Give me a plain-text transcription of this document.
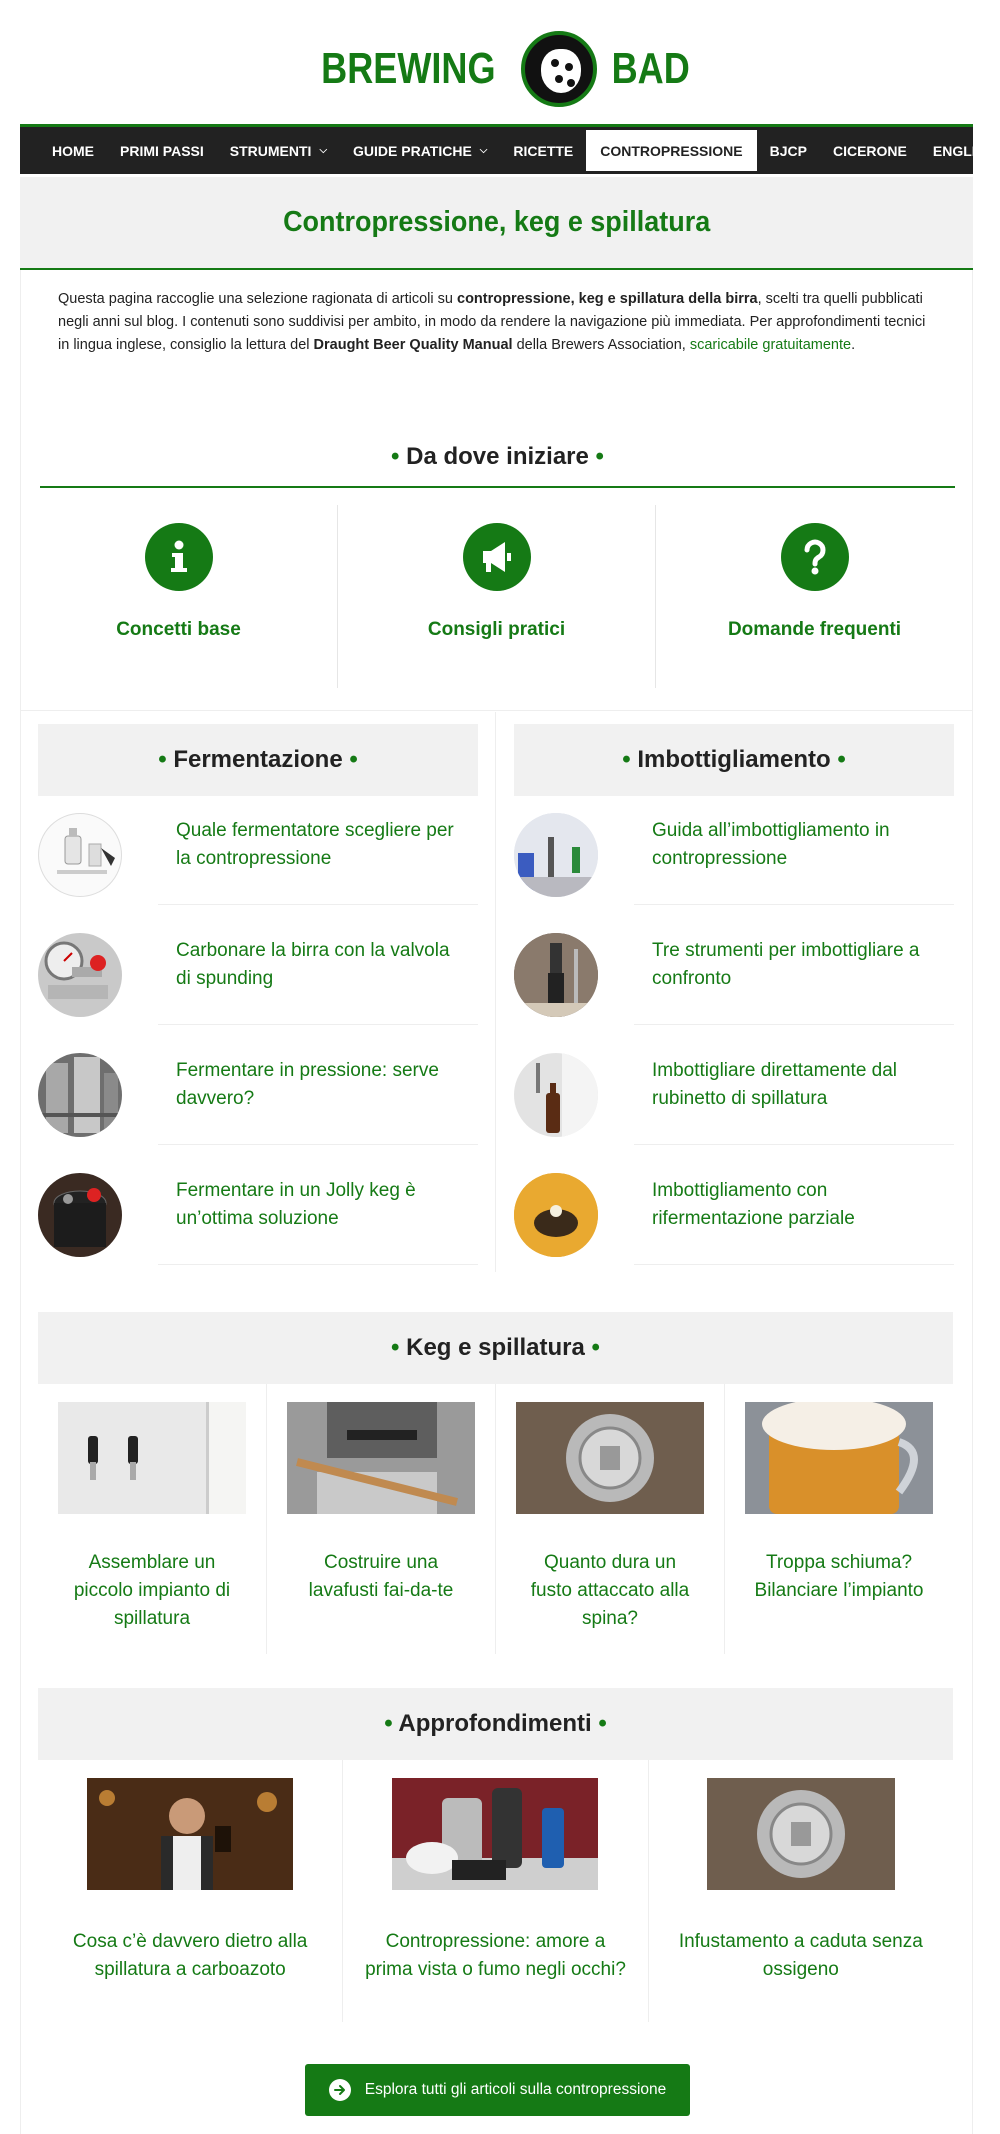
BREWING	BAD
HOME PRIMI PASSI STRUMENTI ⌵ GUIDE PRATICHE ⌵ RICETTE CONTROPRESSIONE BJCP CICERONE ENGLISH
Contropressione, keg e spillatura

Questa pagina raccoglie una selezione ragionata di articoli su contropressione, keg e spillatura della birra, scelti tra quelli pubblicati negli anni sul blog. I contenuti sono suddivisi per ambito, in modo da rendere la navigazione più immediata. Per approfondimenti tecnici in lingua inglese, consiglio la lettura del Draught Beer Quality Manual della Brewers Association, scaricabile gratuitamente.

• Da dove iniziare •
Concetti base	Consigli pratici	Domande frequenti
• Fermentazione •
Quale fermentatore scegliere per la contropressione
Carbonare la birra con la valvola di spunding
Fermentare in pressione: serve davvero?
Fermentare in un Jolly keg è un’ottima soluzione
• Imbottigliamento •
Guida all’imbottigliamento in contropressione
Tre strumenti per imbottigliare a confronto
Imbottigliare direttamente dal rubinetto di spillatura
Imbottigliamento con rifermentazione parziale
• Keg e spillatura •
Assemblare un piccolo impianto di spillatura
Costruire una lavafusti fai-da-te
Quanto dura un fusto attaccato alla spina?
Troppa schiuma? Bilanciare l’impianto
• Approfondimenti •
Cosa c’è davvero dietro alla spillatura a carboazoto
Contropressione: amore a prima vista o fumo negli occhi?
Infustamento a caduta senza ossigeno
Esplora tutti gli articoli sulla contropressione
